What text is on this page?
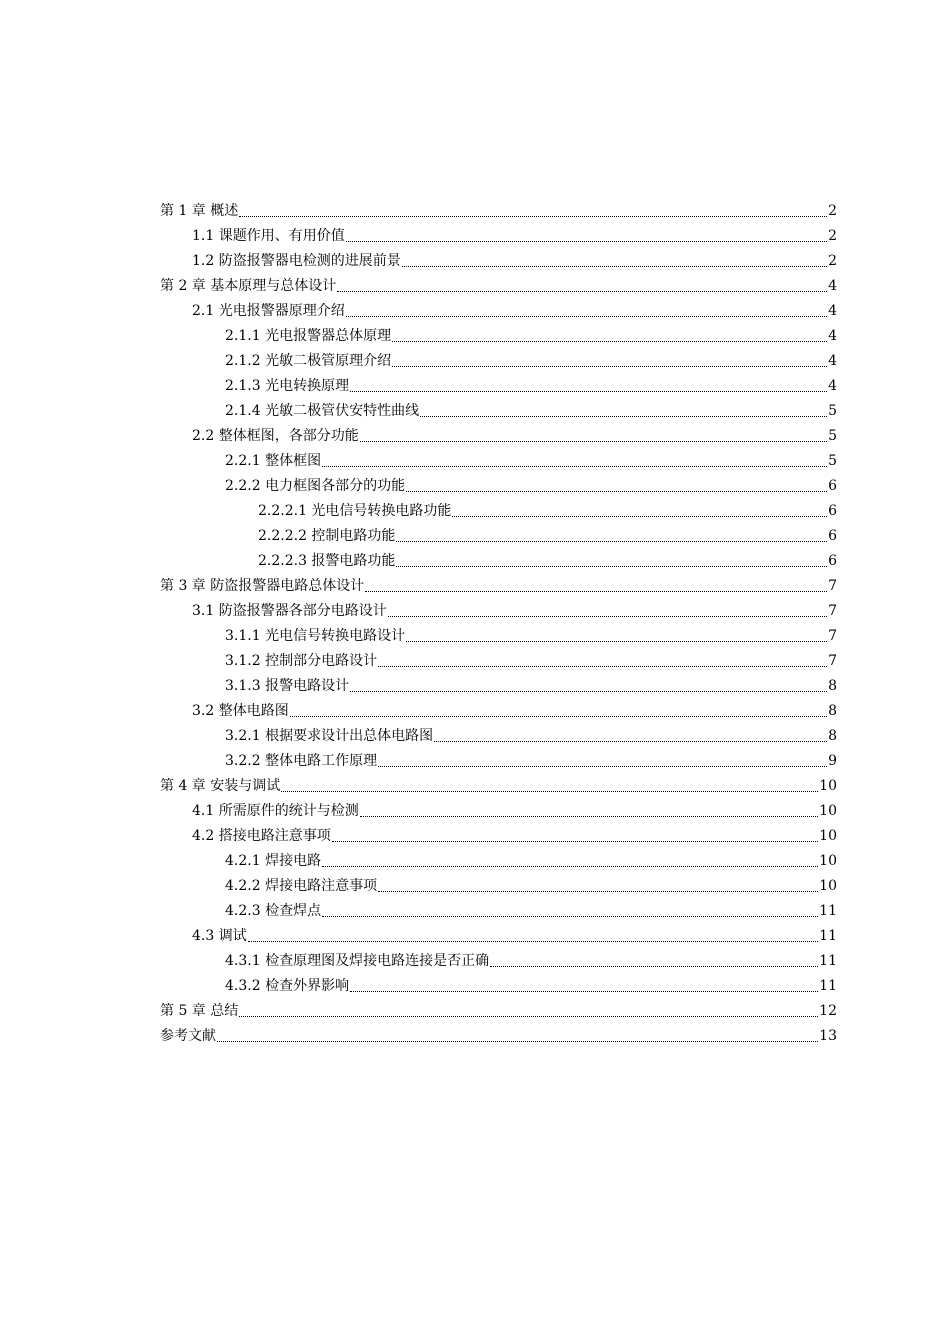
第 1 章 概述	2
1.1 课题作用、有用价值	2
1.2 防盗报警器电检测的进展前景	2
第 2 章 基本原理与总体设计	4
2.1 光电报警器原理介绍	4
2.1.1 光电报警器总体原理	4
2.1.2 光敏二极管原理介绍	4
2.1.3 光电转换原理	4
2.1.4 光敏二极管伏安特性曲线	5
2.2 整体框图，各部分功能	5
2.2.1 整体框图	5
2.2.2 电力框图各部分的功能	6
2.2.2.1 光电信号转换电路功能	6
2.2.2.2 控制电路功能	6
2.2.2.3 报警电路功能	6
第 3 章 防盗报警器电路总体设计	7
3.1 防盗报警器各部分电路设计	7
3.1.1 光电信号转换电路设计	7
3.1.2 控制部分电路设计	7
3.1.3 报警电路设计	8
3.2 整体电路图	8
3.2.1 根据要求设计出总体电路图	8
3.2.2 整体电路工作原理	9
第 4 章 安装与调试	10
4.1 所需原件的统计与检测	10
4.2 搭接电路注意事项	10
4.2.1 焊接电路	10
4.2.2 焊接电路注意事项	10
4.2.3 检查焊点	11
4.3 调试	11
4.3.1 检查原理图及焊接电路连接是否正确	11
4.3.2 检查外界影响	11
第 5 章 总结	12
参考文献	13
